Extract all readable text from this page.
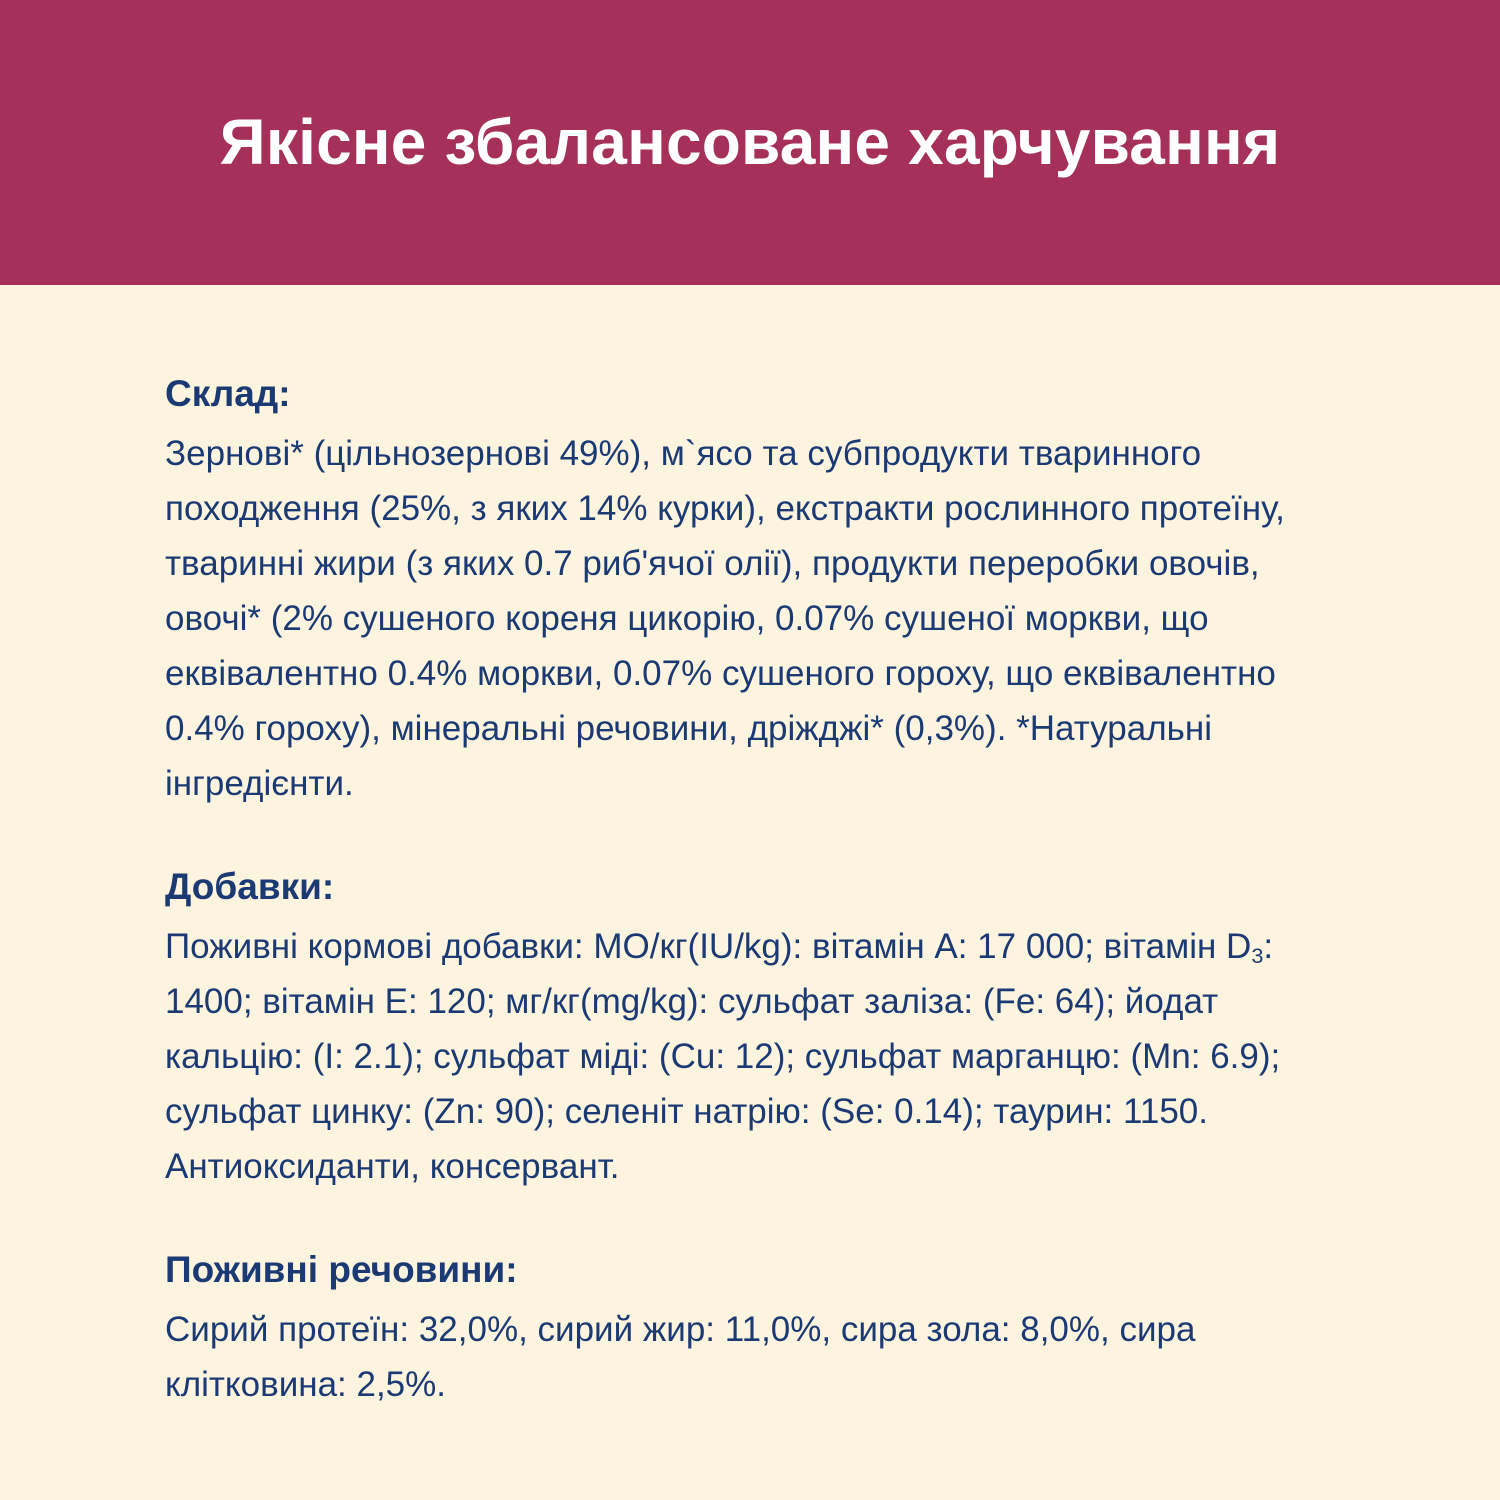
Якісне збалансоване харчування
Склад:

Зернові* (цільнозернові 49%), м`ясо та субпродукти тваринного походження (25%, з яких 14% курки), екстракти рослинного протеїну, тваринні жири (з яких 0.7 риб'ячої олії), продукти переробки овочів, овочі* (2% сушеного кореня цикорію, 0.07% сушеної моркви, що еквівалентно 0.4% моркви, 0.07% сушеного гороху, що еквівалентно 0.4% гороху), мінеральні речовини, дріжджі* (0,3%). *Натуральні інгредієнти.

Добавки:

Поживні кормові добавки: МО/кг(IU/kg): вітамін А: 17 000; вітамін $D_3$: 1400; вітамін Е: 120; мг/кг(mg/kg): сульфат заліза: (Fe: 64); йодат кальцію: (I: 2.1); сульфат міді: (Cu: 12); сульфат марганцю: (Mn: 6.9); сульфат цинку: (Zn: 90); селеніт натрію: (Se: 0.14); таурин: 1150. Антиоксиданти, консервант.

Поживні речовини:

Сирий протеїн: 32,0%, сирий жир: 11,0%, сира зола: 8,0%, сира клітковина: 2,5%.
